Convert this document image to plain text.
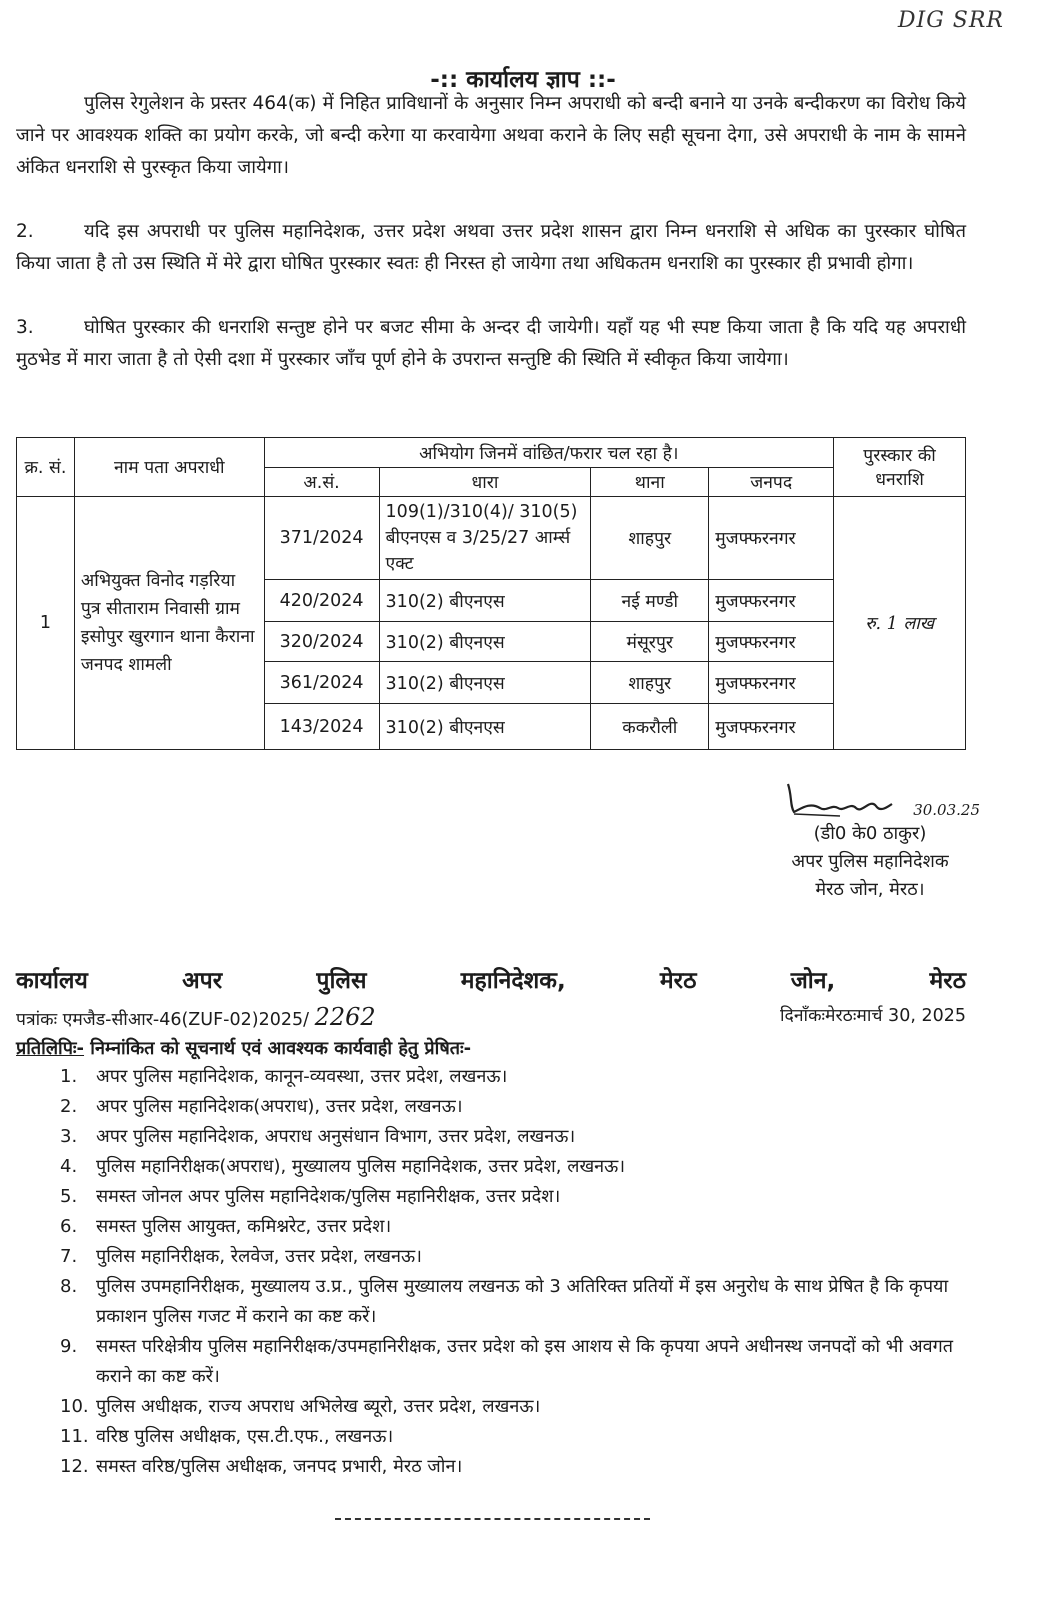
DIG SRR
-:: कार्यालय ज्ञाप ::-
पुलिस रेगुलेशन के प्रस्तर 464(क) में निहित प्राविधानों के अनुसार निम्न अपराधी को बन्दी बनाने या उनके बन्दीकरण का विरोध किये जाने पर आवश्यक शक्ति का प्रयोग करके, जो बन्दी करेगा या करवायेगा अथवा कराने के लिए सही सूचना देगा, उसे अपराधी के नाम के सामने अंकित धनराशि से पुरस्कृत किया जायेगा।
2.	यदि इस अपराधी पर पुलिस महानिदेशक, उत्तर प्रदेश अथवा उत्तर प्रदेश शासन द्वारा निम्न धनराशि से अधिक का पुरस्कार घोषित किया जाता है तो उस स्थिति में मेरे द्वारा घोषित पुरस्कार स्वतः ही निरस्त हो जायेगा तथा अधिकतम धनराशि का पुरस्कार ही प्रभावी होगा।
3.	घोषित पुरस्कार की धनराशि सन्तुष्ट होने पर बजट सीमा के अन्दर दी जायेगी। यहाँ यह भी स्पष्ट किया जाता है कि यदि यह अपराधी मुठभेड में मारा जाता है तो ऐसी दशा में पुरस्कार जाँच पूर्ण होने के उपरान्त सन्तुष्टि की स्थिति में स्वीकृत किया जायेगा।
क्र. सं.	नाम पता अपराधी	अभियोग जिनमें वांछित/फरार चल रहा है।				पुरस्कार की धनराशि
		अ.सं.	धारा	थाना	जनपद	
1	अभियुक्त विनोद गड़रिया पुत्र सीताराम निवासी ग्राम इसोपुर खुरगान थाना कैराना जनपद शामली	371/2024	109(1)/310(4)/ 310(5) बीएनएस व 3/25/27 आर्म्स एक्ट	शाहपुर	मुजफ्फरनगर	रु. 1 लाख
		420/2024	310(2) बीएनएस	नई मण्डी	मुजफ्फरनगर	
		320/2024	310(2) बीएनएस	मंसूरपुर	मुजफ्फरनगर	
		361/2024	310(2) बीएनएस	शाहपुर	मुजफ्फरनगर	
		143/2024	310(2) बीएनएस	ककरौली	मुजफ्फरनगर	
30.03.25
(डी0 के0 ठाकुर)
अपर पुलिस महानिदेशक
मेरठ जोन, मेरठ।
कार्यालय	अपर	पुलिस	महानिदेशक,	मेरठ	जोन,	मेरठ
पत्रांकः एमजैड-सीआर-46(ZUF-02)2025/ 2262	दिनाँकःमेरठःमार्च 30, 2025
प्रतिलिपिः- निम्नांकित को सूचनार्थ एवं आवश्यक कार्यवाही हेतु प्रेषितः-
1.	अपर पुलिस महानिदेशक, कानून-व्यवस्था, उत्तर प्रदेश, लखनऊ।
2.	अपर पुलिस महानिदेशक(अपराध), उत्तर प्रदेश, लखनऊ।
3.	अपर पुलिस महानिदेशक, अपराध अनुसंधान विभाग, उत्तर प्रदेश, लखनऊ।
4.	पुलिस महानिरीक्षक(अपराध), मुख्यालय पुलिस महानिदेशक, उत्तर प्रदेश, लखनऊ।
5.	समस्त जोनल अपर पुलिस महानिदेशक/पुलिस महानिरीक्षक, उत्तर प्रदेश।
6.	समस्त पुलिस आयुक्त, कमिश्नरेट, उत्तर प्रदेश।
7.	पुलिस महानिरीक्षक, रेलवेज, उत्तर प्रदेश, लखनऊ।
8.	पुलिस उपमहानिरीक्षक, मुख्यालय उ.प्र., पुलिस मुख्यालय लखनऊ को 3 अतिरिक्त प्रतियों में इस अनुरोध के साथ प्रेषित है कि कृपया प्रकाशन पुलिस गजट में कराने का कष्ट करें।
9.	समस्त परिक्षेत्रीय पुलिस महानिरीक्षक/उपमहानिरीक्षक, उत्तर प्रदेश को इस आशय से कि कृपया अपने अधीनस्थ जनपदों को भी अवगत कराने का कष्ट करें।
10. पुलिस अधीक्षक, राज्य अपराध अभिलेख ब्यूरो, उत्तर प्रदेश, लखनऊ।
11. वरिष्ठ पुलिस अधीक्षक, एस.टी.एफ., लखनऊ।
12. समस्त वरिष्ठ/पुलिस अधीक्षक, जनपद प्रभारी, मेरठ जोन।
